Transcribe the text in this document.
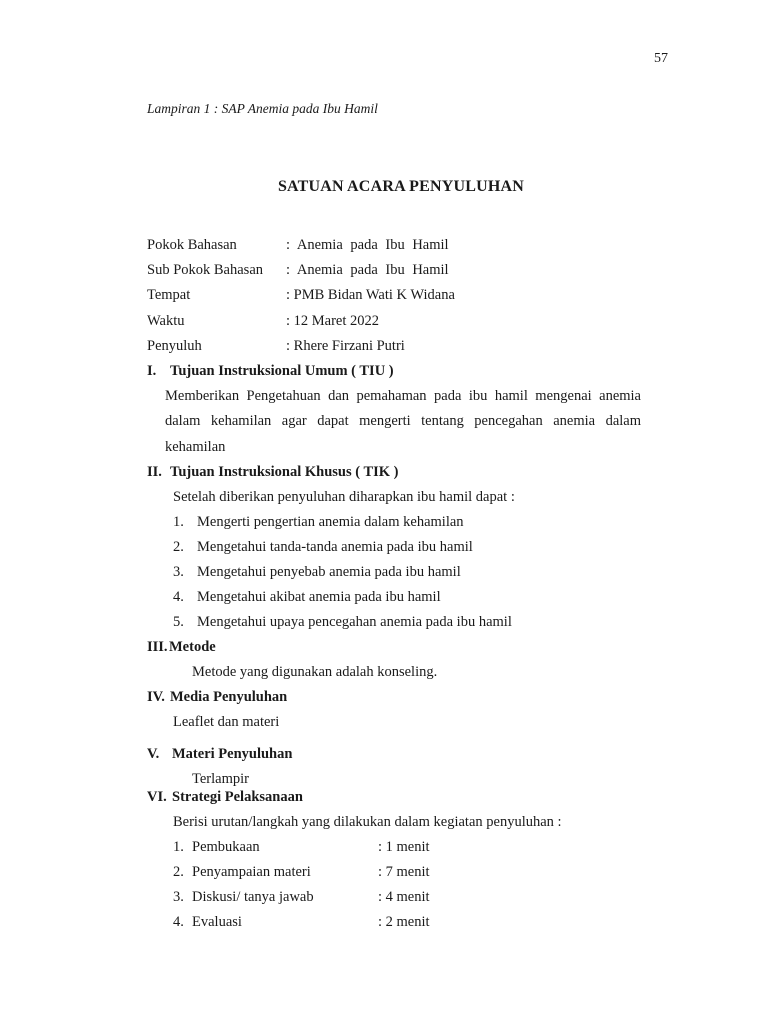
57
Lampiran 1 : SAP Anemia pada Ibu Hamil
SATUAN ACARA PENYULUHAN
Pokok Bahasan	: Anemia pada Ibu Hamil
Sub Pokok Bahasan : Anemia pada Ibu Hamil
Tempat	: PMB Bidan Wati K Widana
Waktu	: 12 Maret 2022
Penyuluh	: Rhere Firzani Putri
I. Tujuan Instruksional Umum ( TIU )
Memberikan Pengetahuan dan pemahaman pada ibu hamil mengenai anemia
dalam kehamilan agar dapat mengerti tentang pencegahan anemia dalam
kehamilan
II. Tujuan Instruksional Khusus ( TIK )
Setelah diberikan penyuluhan diharapkan ibu hamil dapat :
1. Mengerti pengertian anemia dalam kehamilan
2. Mengetahui tanda-tanda anemia pada ibu hamil
3. Mengetahui penyebab anemia pada ibu hamil
4. Mengetahui akibat anemia pada ibu hamil
5. Mengetahui upaya pencegahan anemia pada ibu hamil
III. Metode
Metode yang digunakan adalah konseling.
IV. Media Penyuluhan
Leaflet dan materi
V. Materi Penyuluhan
Terlampir
VI. Strategi Pelaksanaan
Berisi urutan/langkah yang dilakukan dalam kegiatan penyuluhan :
1. Pembukaan	: 1 menit
2. Penyampaian materi	: 7 menit
3. Diskusi/ tanya jawab	: 4 menit
4. Evaluasi	: 2 menit
